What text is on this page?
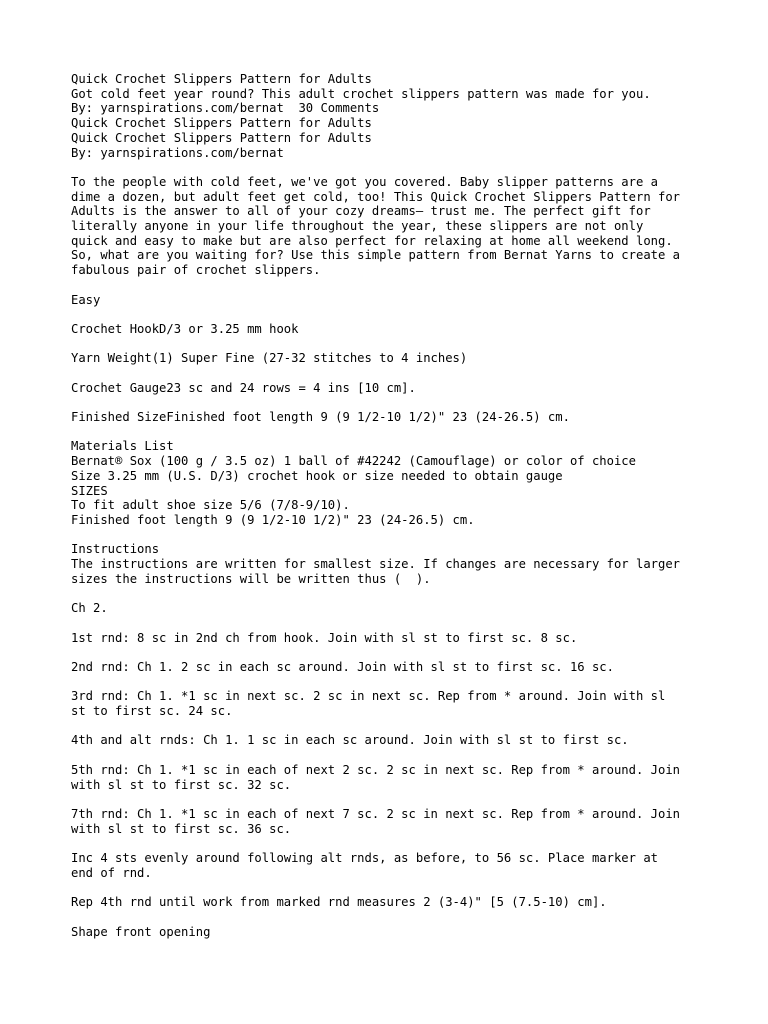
Quick Crochet Slippers Pattern for Adults
Got cold feet year round? This adult crochet slippers pattern was made for you.
By: yarnspirations.com/bernat  30 Comments
Quick Crochet Slippers Pattern for Adults
Quick Crochet Slippers Pattern for Adults
By: yarnspirations.com/bernat
To the people with cold feet, we've got you covered. Baby slipper patterns are a
dime a dozen, but adult feet get cold, too! This Quick Crochet Slippers Pattern for
Adults is the answer to all of your cozy dreams— trust me. The perfect gift for
literally anyone in your life throughout the year, these slippers are not only
quick and easy to make but are also perfect for relaxing at home all weekend long.
So, what are you waiting for? Use this simple pattern from Bernat Yarns to create a
fabulous pair of crochet slippers.
Easy
Crochet HookD/3 or 3.25 mm hook
Yarn Weight(1) Super Fine (27-32 stitches to 4 inches)
Crochet Gauge23 sc and 24 rows = 4 ins [10 cm].
Finished SizeFinished foot length 9 (9 1/2-10 1/2)" 23 (24-26.5) cm.
Materials List
Bernat® Sox (100 g / 3.5 oz) 1 ball of #42242 (Camouflage) or color of choice
Size 3.25 mm (U.S. D/3) crochet hook or size needed to obtain gauge
SIZES
To fit adult shoe size 5/6 (7/8-9/10).
Finished foot length 9 (9 1/2-10 1/2)" 23 (24-26.5) cm.
Instructions
The instructions are written for smallest size. If changes are necessary for larger
sizes the instructions will be written thus (  ).
Ch 2.
1st rnd: 8 sc in 2nd ch from hook. Join with sl st to first sc. 8 sc.
2nd rnd: Ch 1. 2 sc in each sc around. Join with sl st to first sc. 16 sc.
3rd rnd: Ch 1. *1 sc in next sc. 2 sc in next sc. Rep from * around. Join with sl
st to first sc. 24 sc.
4th and alt rnds: Ch 1. 1 sc in each sc around. Join with sl st to first sc.
5th rnd: Ch 1. *1 sc in each of next 2 sc. 2 sc in next sc. Rep from * around. Join
with sl st to first sc. 32 sc.
7th rnd: Ch 1. *1 sc in each of next 7 sc. 2 sc in next sc. Rep from * around. Join
with sl st to first sc. 36 sc.
Inc 4 sts evenly around following alt rnds, as before, to 56 sc. Place marker at
end of rnd.
Rep 4th rnd until work from marked rnd measures 2 (3-4)" [5 (7.5-10) cm].
Shape front opening
